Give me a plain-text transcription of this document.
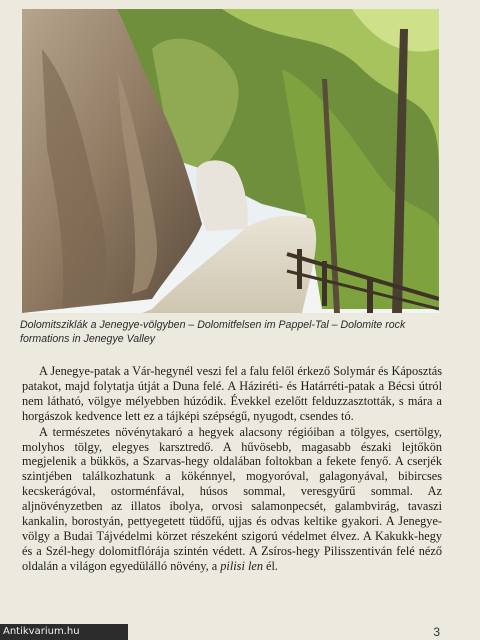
Dolomitsziklák a Jenegye-völgyben – Dolomitfelsen im Pappel-Tal – Dolomite rock formations in Jenegye Valley

A Jenegye-patak a Vár-hegynél veszi fel a falu felől érkező Solymár és Káposztás patakot, majd folytatja útját a Duna felé. A Háziréti- és Határréti-patak a Bécsi útról nem látható, völgye mélyebben húzódik. Évekkel ezelőtt felduzzasztották, s mára a horgászok kedvence lett ez a tájképi szépségű, nyugodt, csendes tó.

A természetes növénytakaró a hegyek alacsony régióiban a tölgyes, csertölgy, molyhos tölgy, elegyes karsztredő. A hűvösebb, magasabb északi lejtőkön megjelenik a bükkös, a Szarvas-hegy oldalában foltokban a fekete fenyő. A cserjék szintjében találkozhatunk a kökénnyel, mogyoróval, galagonyával, bibircses kecskerágóval, ostorménfával, húsos sommal, veresgyűrű sommal. Az aljnövényzetben az illatos ibolya, orvosi salamonpecsét, galambvirág, tavaszi kankalin, borostyán, pettyegetett tüdőfű, ujjas és odvas keltike gyakori. A Jenegye-völgy a Budai Tájvédelmi körzet részeként szigorú védelmet élvez. A Kakukk-hegy és a Szél-hegy dolomitflórája szintén védett. A Zsíros-hegy Pilisszentiván felé néző oldalán a világon egyedülálló növény, a pilisi len él.

Antikvarium.hu	3
